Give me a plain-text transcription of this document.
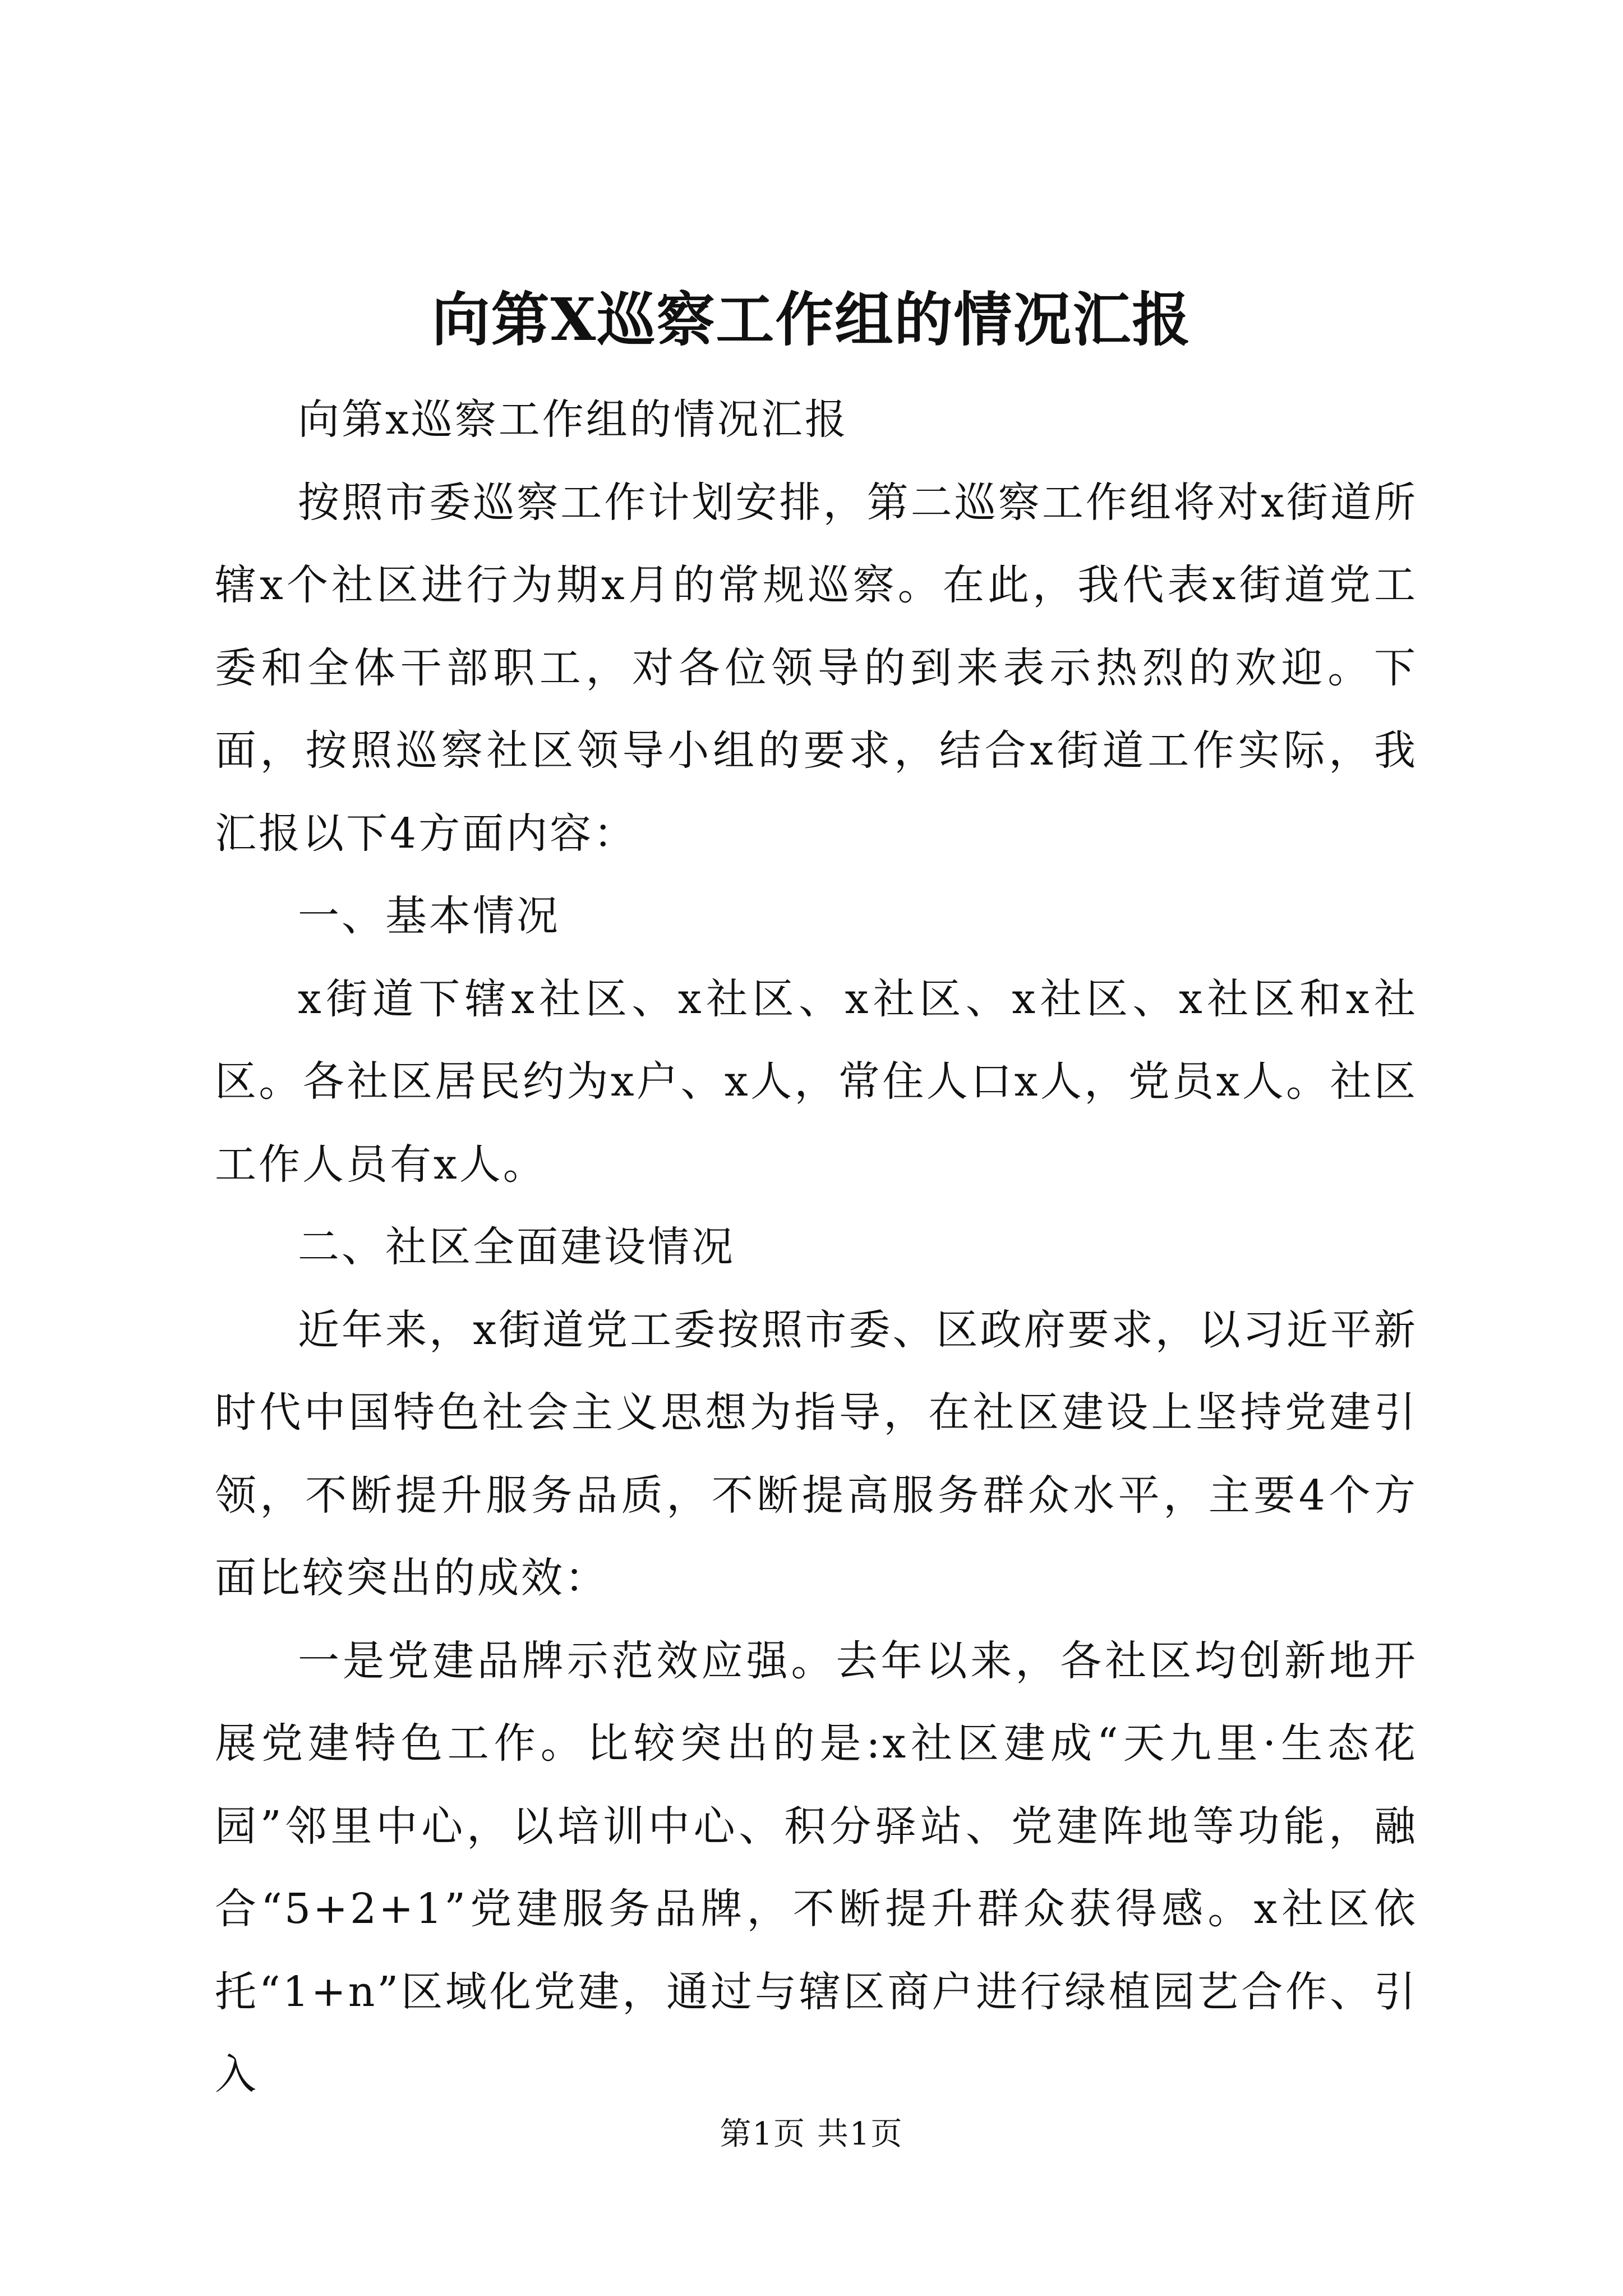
向第X巡察工作组的情况汇报

向第x巡察工作组的情况汇报

按照市委巡察工作计划安排，第二巡察工作组将对x街道所辖x个社区进行为期x月的常规巡察。在此，我代表x街道党工委和全体干部职工，对各位领导的到来表示热烈的欢迎。下面，按照巡察社区领导小组的要求，结合x街道工作实际，我汇报以下4方面内容：

一、基本情况

x街道下辖x社区、x社区、x社区、x社区、x社区和x社区。各社区居民约为x户、x人，常住人口x人，党员x人。社区工作人员有x人。

二、社区全面建设情况

近年来，x街道党工委按照市委、区政府要求，以习近平新时代中国特色社会主义思想为指导，在社区建设上坚持党建引领，不断提升服务品质，不断提高服务群众水平，主要4个方面比较突出的成效：

一是党建品牌示范效应强。去年以来，各社区均创新地开展党建特色工作。比较突出的是:x社区建成“天九里·生态花园”邻里中心，以培训中心、积分驿站、党建阵地等功能，融合“5+2+1”党建服务品牌，不断提升群众获得感。x社区依托“1+n”区域化党建，通过与辖区商户进行绿植园艺合作、引入

第1页 共1页
